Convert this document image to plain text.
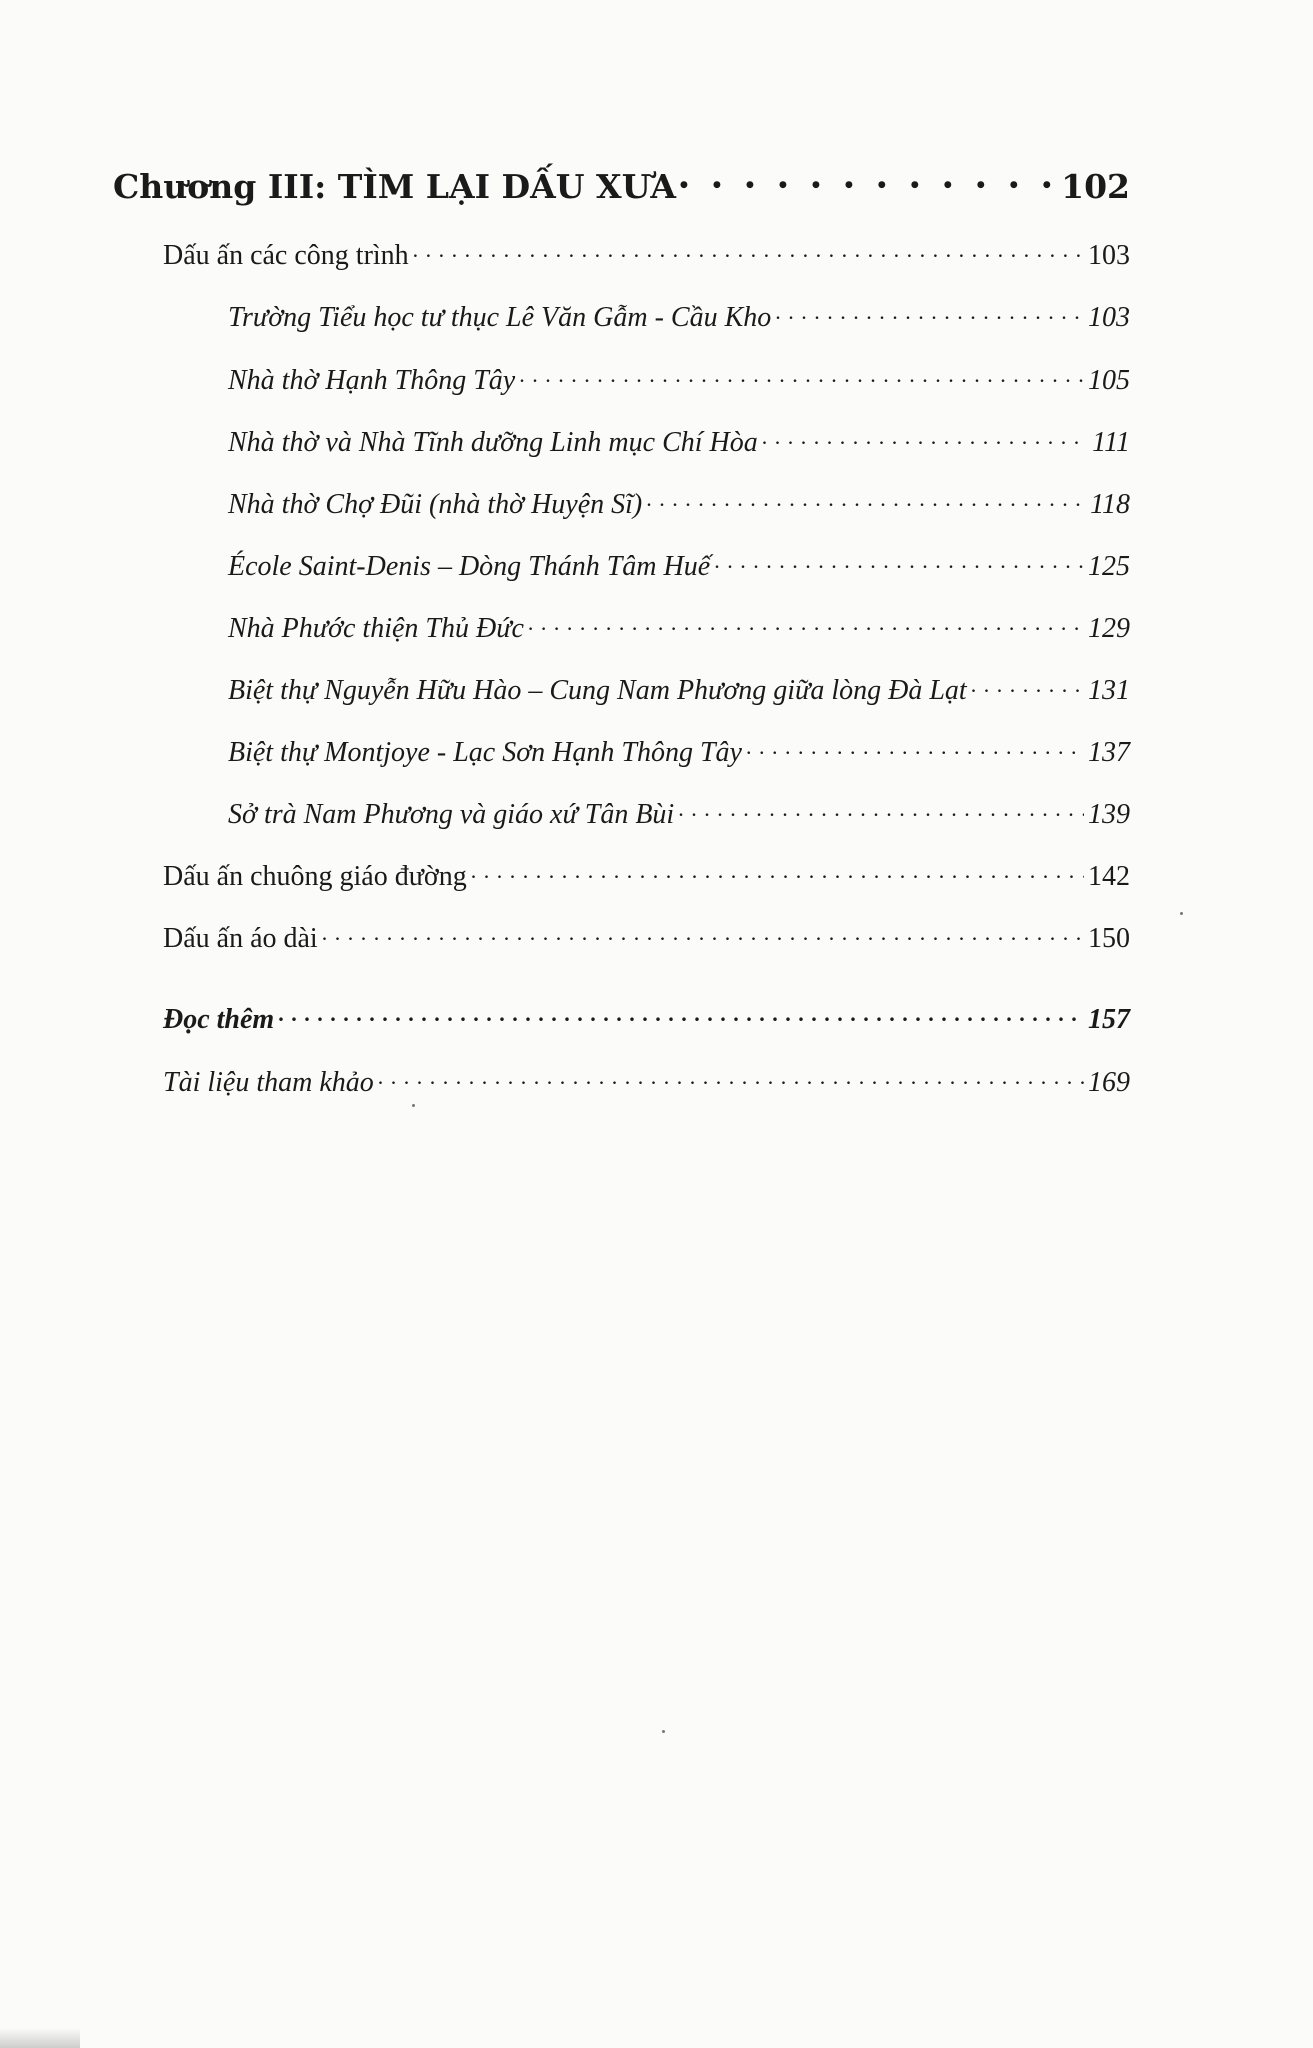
Chương III: TÌM LẠI DẤU XƯA ● ● ● ● ● ● ● ● ● ● ● ● ● ● ● ● ● ● ● ● ● ● ● ● ● ● ● ● ● ● ● ● ● ● ● ● ● ● ● ●	102
Dấu ấn các công trình . . .	103
Trường Tiểu học tư thục Lê Văn Gẫm - Cầu Kho . . .	103
Nhà thờ Hạnh Thông Tây . . .	105
Nhà thờ và Nhà Tĩnh dưỡng Linh mục Chí Hòa . . .	111
Nhà thờ Chợ Đũi (nhà thờ Huyện Sĩ) . . .	118
École Saint-Denis – Dòng Thánh Tâm Huế . . .	125
Nhà Phước thiện Thủ Đức . . .	129
Biệt thự Nguyễn Hữu Hào – Cung Nam Phương giữa lòng Đà Lạt . . .	131
Biệt thự Montjoye - Lạc Sơn Hạnh Thông Tây . . .	137
Sở trà Nam Phương và giáo xứ Tân Bùi . . .	139
Dấu ấn chuông giáo đường . . .	142
Dấu ấn áo dài . . .	150
Đọc thêm . . .	157
Tài liệu tham khảo . . .	169
